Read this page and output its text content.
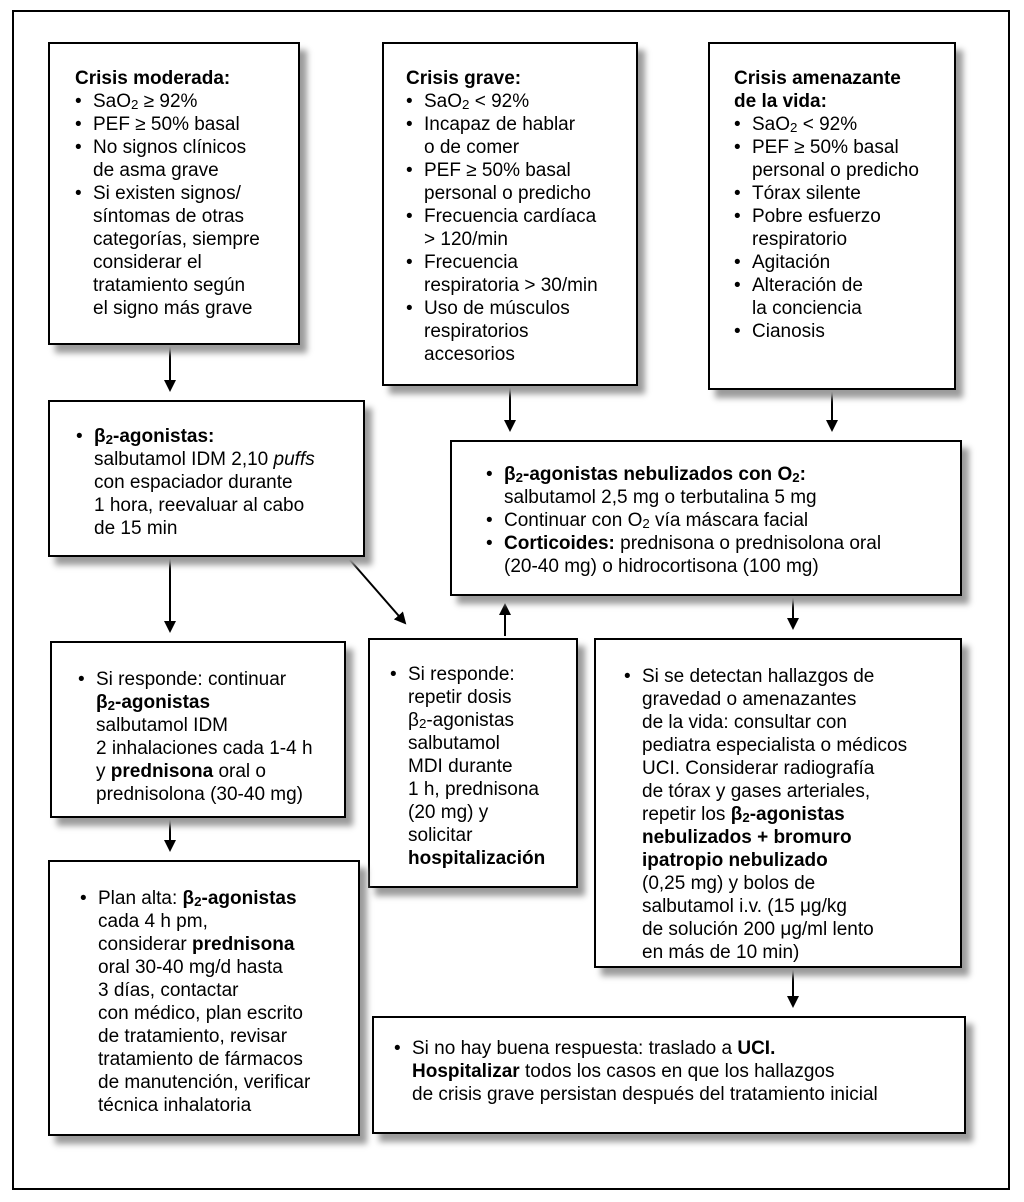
Crisis moderada:
• SaO$_2$ ≥ 92%
• PEF ≥ 50% basal
• No signos clínicos
de asma grave
• Si existen signos/
síntomas de otras
categorías, siempre
considerar el
tratamiento según
el signo más grave
Crisis grave:
• SaO$_2$ < 92%
• Incapaz de hablar
o de comer
• PEF ≥ 50% basal
personal o predicho
• Frecuencia cardíaca
> 120/min
• Frecuencia
respiratoria > 30/min
• Uso de músculos
respiratorios
accesorios
Crisis amenazante
de la vida:
• SaO$_2$ < 92%
• PEF ≥ 50% basal
personal o predicho
• Tórax silente
• Pobre esfuerzo
respiratorio
• Agitación
• Alteración de
la conciencia
• Cianosis
• $\beta_2$-agonistas:
salbutamol IDM 2,10 puffs
con espaciador durante
1 hora, reevaluar al cabo
de 15 min
• $\beta_2$-agonistas nebulizados con $O_2$:
salbutamol 2,5 mg o terbutalina 5 mg
• Continuar con $O_2$ vía máscara facial
• Corticoides: prednisona o prednisolona oral
(20-40 mg) o hidrocortisona (100 mg)
• Si responde: continuar
$\beta_2$-agonistas
salbutamol IDM
2 inhalaciones cada 1-4 h
y prednisona oral o
prednisolona (30-40 mg)
• Si responde:
repetir dosis
$\beta_2$-agonistas
salbutamol
MDI durante
1 h, prednisona
(20 mg) y
solicitar
hospitalización
• Si se detectan hallazgos de
gravedad o amenazantes
de la vida: consultar con
pediatra especialista o médicos
UCI. Considerar radiografía
de tórax y gases arteriales,
repetir los $\beta_2$-agonistas
nebulizados + bromuro
ipatropio nebulizado
(0,25 mg) y bolos de
salbutamol i.v. (15 μg/kg
de solución 200 μg/ml lento
en más de 10 min)
• Plan alta: $\beta_2$-agonistas
cada 4 h pm,
considerar prednisona
oral 30-40 mg/d hasta
3 días, contactar
con médico, plan escrito
de tratamiento, revisar
tratamiento de fármacos
de manutención, verificar
técnica inhalatoria
• Si no hay buena respuesta: traslado a UCI.
Hospitalizar todos los casos en que los hallazgos
de crisis grave persistan después del tratamiento inicial
